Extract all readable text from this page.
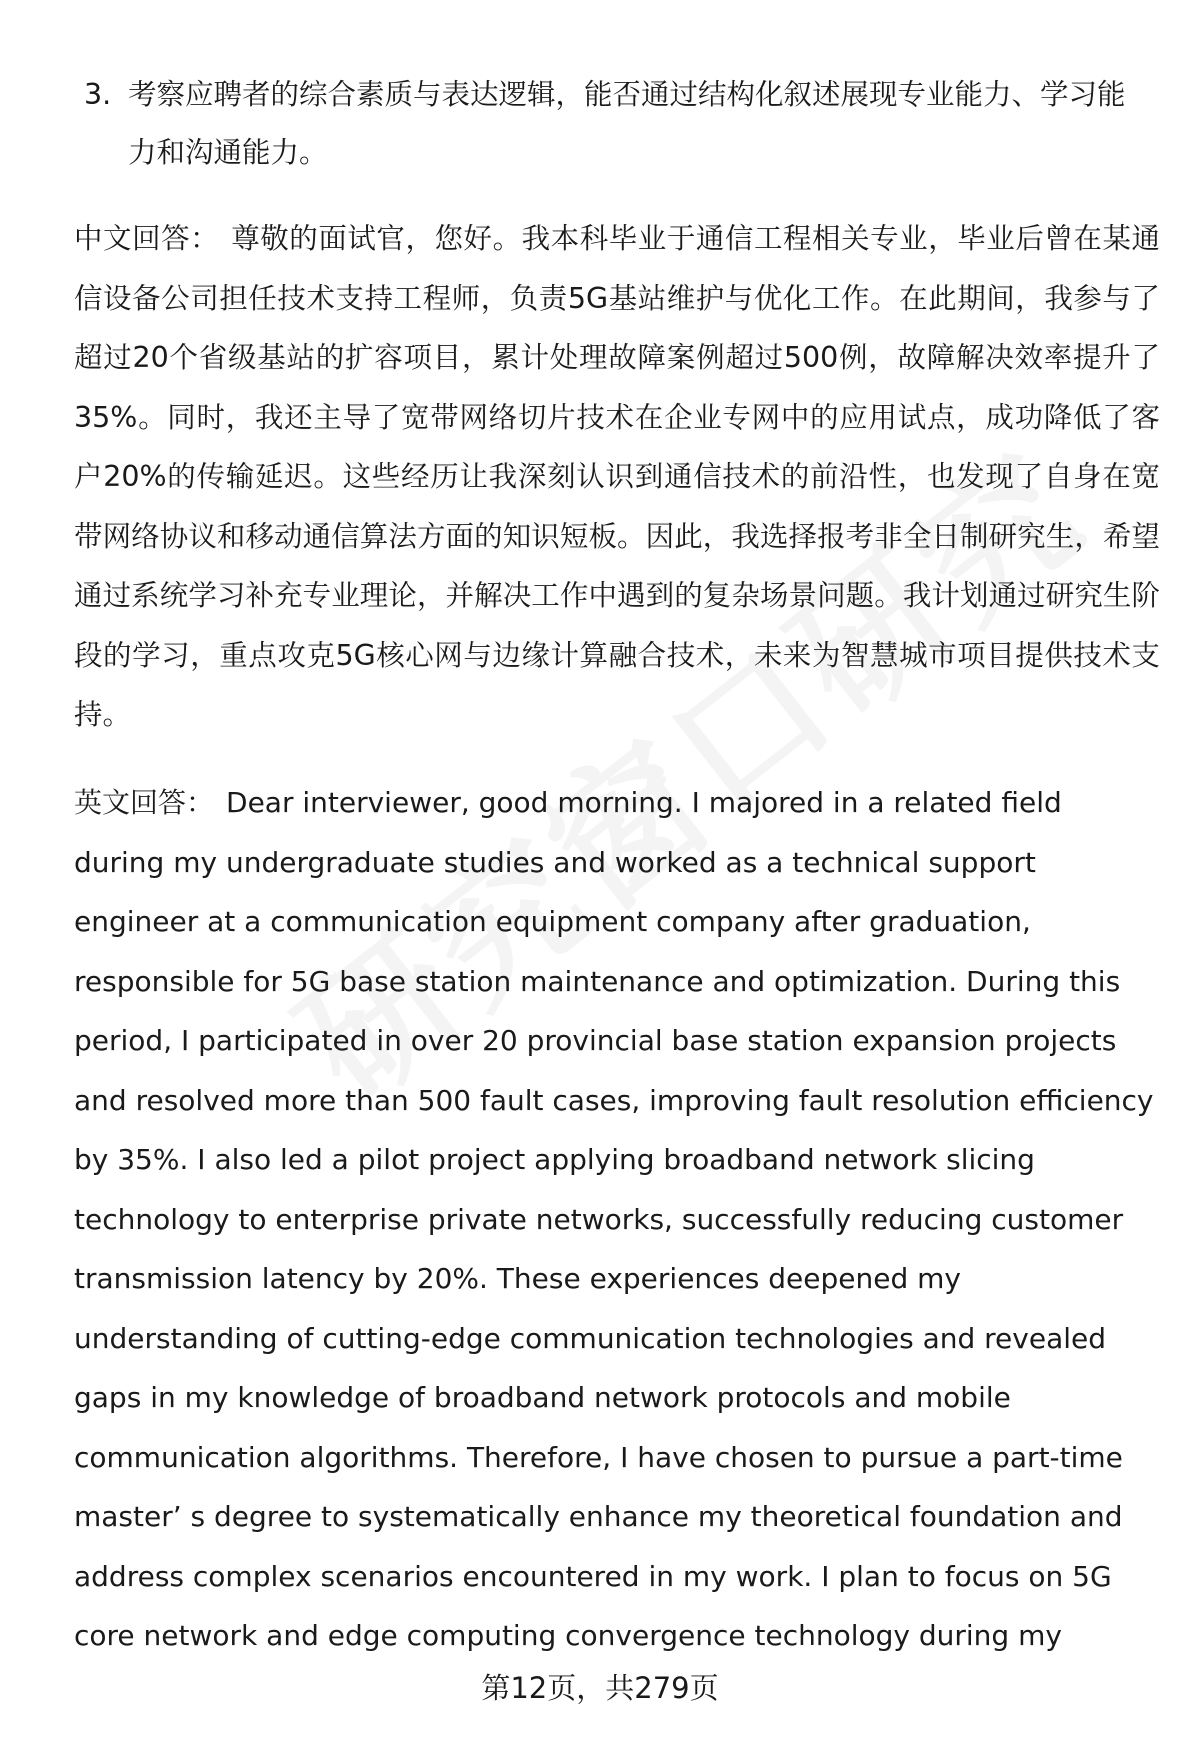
3. 考察应聘者的综合素质与表达逻辑，能否通过结构化叙述展现专业能力、学习能力和沟通能力。
中文回答： 尊敬的面试官，您好。我本科毕业于通信工程相关专业，毕业后曾在某通信设备公司担任技术支持工程师，负责5G基站维护与优化工作。在此期间，我参与了超过20个省级基站的扩容项目，累计处理故障案例超过500例，故障解决效率提升了35%。同时，我还主导了宽带网络切片技术在企业专网中的应用试点，成功降低了客户20%的传输延迟。这些经历让我深刻认识到通信技术的前沿性，也发现了自身在宽带网络协议和移动通信算法方面的知识短板。因此，我选择报考非全日制研究生，希望通过系统学习补充专业理论，并解决工作中遇到的复杂场景问题。我计划通过研究生阶段的学习，重点攻克5G核心网与边缘计算融合技术，未来为智慧城市项目提供技术支持。
英文回答： Dear interviewer, good morning. I majored in a related field during my undergraduate studies and worked as a technical support engineer at a communication equipment company after graduation, responsible for 5G base station maintenance and optimization. During this period, I participated in over 20 provincial base station expansion projects and resolved more than 500 fault cases, improving fault resolution efficiency by 35%. I also led a pilot project applying broadband network slicing technology to enterprise private networks, successfully reducing customer transmission latency by 20%. These experiences deepened my understanding of cutting-edge communication technologies and revealed gaps in my knowledge of broadband network protocols and mobile communication algorithms. Therefore, I have chosen to pursue a part-time master’ s degree to systematically enhance my theoretical foundation and address complex scenarios encountered in my work. I plan to focus on 5G core network and edge computing convergence technology during my
第12页，共279页
